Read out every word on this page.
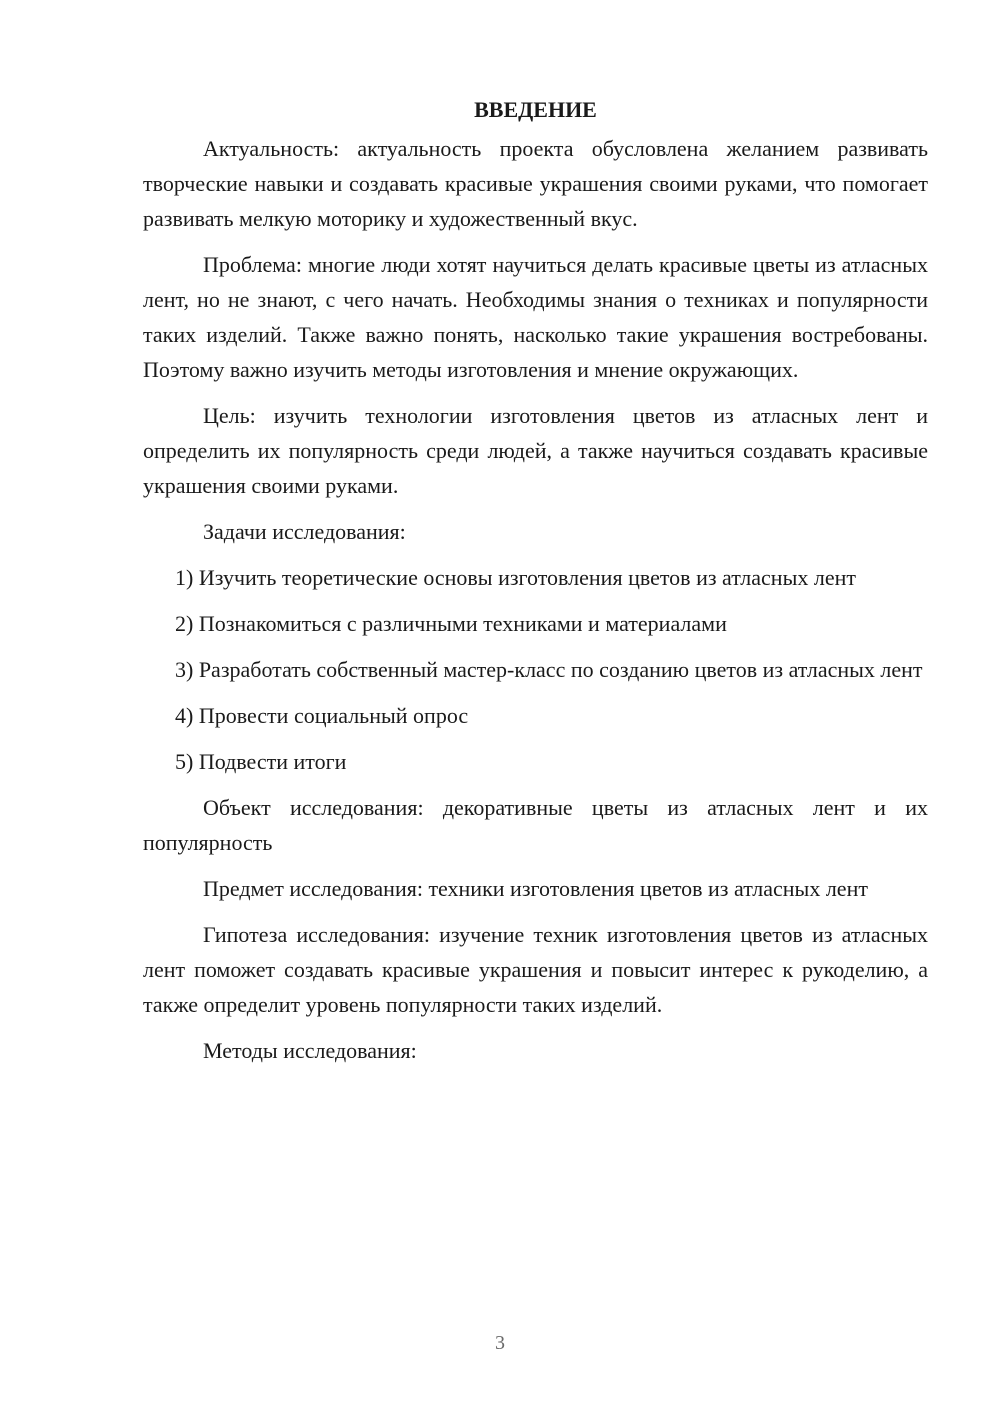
ВВЕДЕНИЕ

Актуальность: актуальность проекта обусловлена желанием развивать творческие навыки и создавать красивые украшения своими руками, что помогает развивать мелкую моторику и художественный вкус.

Проблема: многие люди хотят научиться делать красивые цветы из атласных лент, но не знают, с чего начать. Необходимы знания о техниках и популярности таких изделий. Также важно понять, насколько такие украшения востребованы. Поэтому важно изучить методы изготовления и мнение окружающих.

Цель: изучить технологии изготовления цветов из атласных лент и определить их популярность среди людей, а также научиться создавать красивые украшения своими руками.

Задачи исследования:

1) Изучить теоретические основы изготовления цветов из атласных лент

2) Познакомиться с различными техниками и материалами

3) Разработать собственный мастер-класс по созданию цветов из атласных лент

4) Провести социальный опрос

5) Подвести итоги

Объект исследования: декоративные цветы из атласных лент и их популярность

Предмет исследования: техники изготовления цветов из атласных лент

Гипотеза исследования: изучение техник изготовления цветов из атласных лент поможет создавать красивые украшения и повысит интерес к рукоделию, а также определит уровень популярности таких изделий.

Методы исследования:

3
